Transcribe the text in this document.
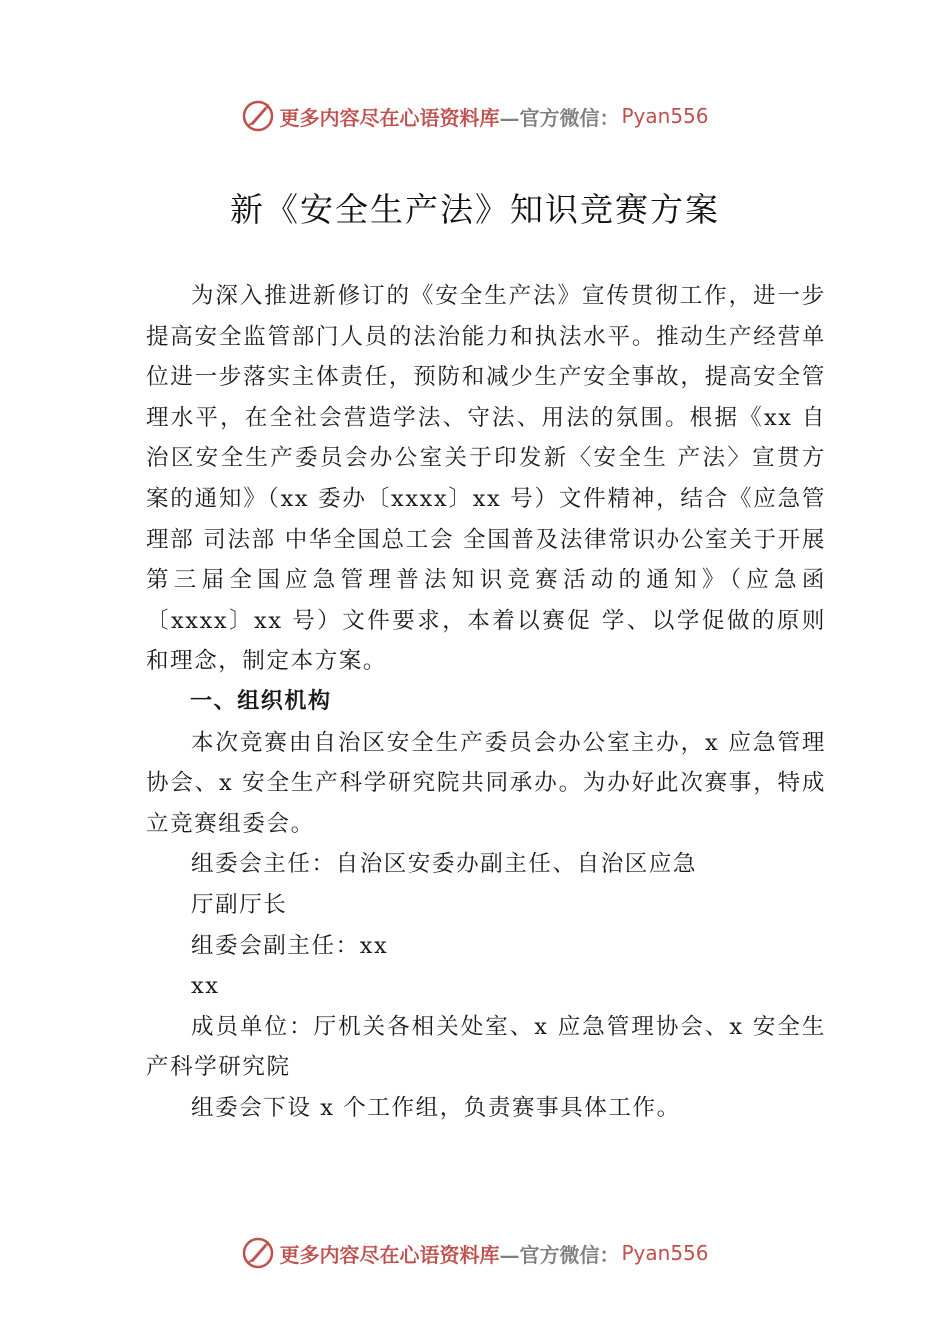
更多内容尽在心语资料库 —官方微信： Pyan556
新《安全生产法》知识竞赛方案

为深入推进新修订的《安全生产法》宣传贯彻工作，进一步提高安全监管部门人员的法治能力和执法水平。推动生产经营单位进一步落实主体责任，预防和减少生产安全事故，提高安全管理水平，在全社会营造学法、守法、用法的氛围。根据《xx 自治区安全生产委员会办公室关于印发新〈安全生 产法〉宣贯方案的通知》（xx 委办〔xxxx〕xx 号）文件精神，结合《应急管理部 司法部 中华全国总工会 全国普及法律常识办公室关于开展第三届全国应急管理普法知识竞赛活动的通知》（应急函〔xxxx〕xx 号）文件要求，本着以赛促 学、以学促做的原则和理念，制定本方案。

一、组织机构

本次竞赛由自治区安全生产委员会办公室主办，x 应急管理协会、x 安全生产科学研究院共同承办。为办好此次赛事，特成立竞赛组委会。

组委会主任：自治区安委办副主任、自治区应急

厅副厅长

组委会副主任：xx

xx

成员单位：厅机关各相关处室、x 应急管理协会、x 安全生产科学研究院

组委会下设 x 个工作组，负责赛事具体工作。

更多内容尽在心语资料库 —官方微信： Pyan556
